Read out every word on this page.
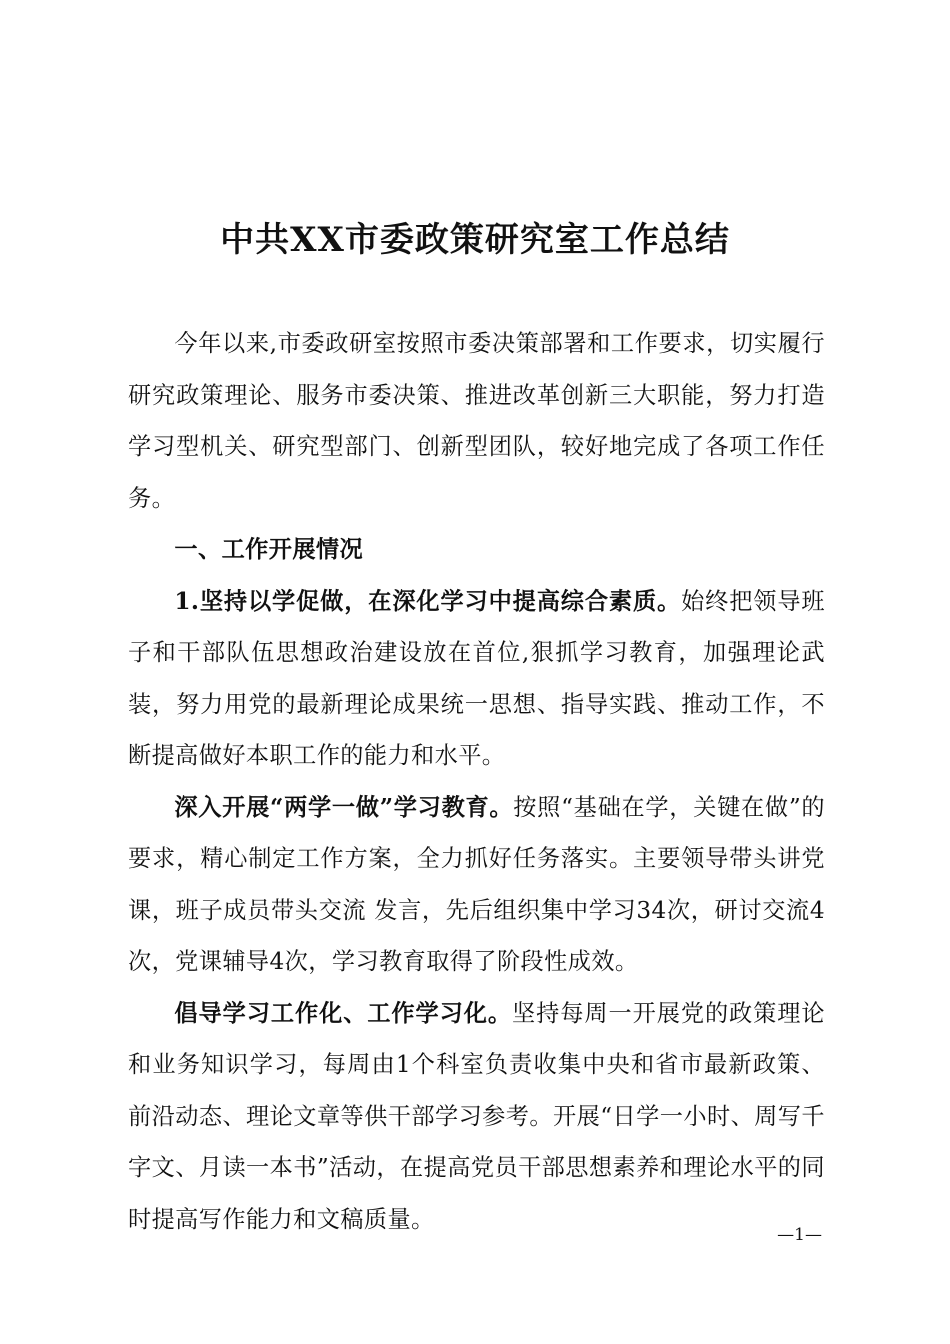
中共XX市委政策研究室工作总结

今年以来,市委政研室按照市委决策部署和工作要求，切实履行研究政策理论、服务市委决策、推进改革创新三大职能，努力打造学习型机关、研究型部门、创新型团队，较好地完成了各项工作任务。

一、工作开展情况

1.坚持以学促做，在深化学习中提高综合素质。始终把领导班子和干部队伍思想政治建设放在首位,狠抓学习教育，加强理论武装，努力用党的最新理论成果统一思想、指导实践、推动工作，不断提高做好本职工作的能力和水平。

深入开展“两学一做”学习教育。按照“基础在学，关键在做”的要求，精心制定工作方案，全力抓好任务落实。主要领导带头讲党课，班子成员带头交流 发言，先后组织集中学习34次，研讨交流4次，党课辅导4次，学习教育取得了阶段性成效。

倡导学习工作化、工作学习化。坚持每周一开展党的政策理论和业务知识学习，每周由1个科室负责收集中央和省市最新政策、前沿动态、理论文章等供干部学习参考。开展“日学一小时、周写千字文、月读一本书”活动，在提高党员干部思想素养和理论水平的同时提高写作能力和文稿质量。

—1—
